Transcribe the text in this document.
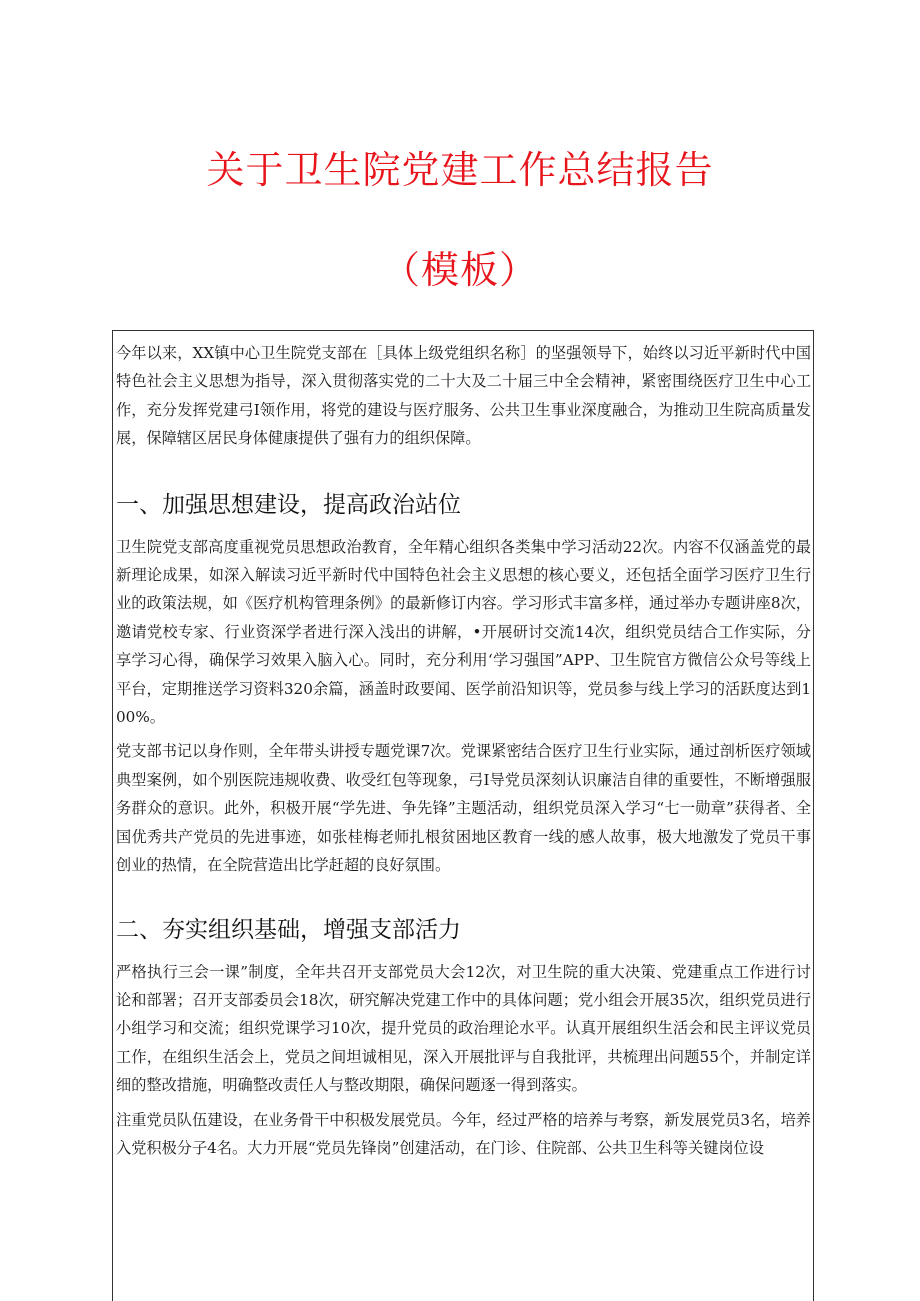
关于卫生院党建工作总结报告
（模板）

今年以来，XX镇中心卫生院党支部在［具体上级党组织名称］的坚强领导下，始终以习近平新时代中国特色社会主义思想为指导，深入贯彻落实党的二十大及二十届三中全会精神，紧密围绕医疗卫生中心工作，充分发挥党建弓I领作用，将党的建设与医疗服务、公共卫生事业深度融合，为推动卫生院高质量发展，保障辖区居民身体健康提供了强有力的组织保障。

一、加强思想建设，提高政治站位

卫生院党支部高度重视党员思想政治教育，全年精心组织各类集中学习活动22次。内容不仅涵盖党的最新理论成果，如深入解读习近平新时代中国特色社会主义思想的核心要义，还包括全面学习医疗卫生行业的政策法规，如《医疗机构管理条例》的最新修订内容。学习形式丰富多样，通过举办专题讲座8次，邀请党校专家、行业资深学者进行深入浅出的讲解，•开展研讨交流14次，组织党员结合工作实际，分享学习心得，确保学习效果入脑入心。同时，充分利用‘学习强国”APP、卫生院官方微信公众号等线上平台，定期推送学习资料320余篇，涵盖时政要闻、医学前沿知识等，党员参与线上学习的活跃度达到100%。

党支部书记以身作则，全年带头讲授专题党课7次。党课紧密结合医疗卫生行业实际，通过剖析医疗领域典型案例，如个别医院违规收费、收受红包等现象，弓I导党员深刻认识廉洁自律的重要性，不断增强服务群众的意识。此外，积极开展“学先进、争先锋”主题活动，组织党员深入学习“七一勋章”获得者、全国优秀共产党员的先进事迹，如张桂梅老师扎根贫困地区教育一线的感人故事，极大地激发了党员干事创业的热情，在全院营造出比学赶超的良好氛围。

二、夯实组织基础，增强支部活力

严格执行三会一课”制度，全年共召开支部党员大会12次，对卫生院的重大决策、党建重点工作进行讨论和部署；召开支部委员会18次，研究解决党建工作中的具体问题；党小组会开展35次，组织党员进行小组学习和交流；组织党课学习10次，提升党员的政治理论水平。认真开展组织生活会和民主评议党员工作，在组织生活会上，党员之间坦诚相见，深入开展批评与自我批评，共梳理出问题55个，并制定详细的整改措施，明确整改责任人与整改期限，确保问题逐一得到落实。

注重党员队伍建设，在业务骨干中积极发展党员。今年，经过严格的培养与考察，新发展党员3名，培养入党积极分子4名。大力开展“党员先锋岗”创建活动，在门诊、住院部、公共卫生科等关键岗位设
